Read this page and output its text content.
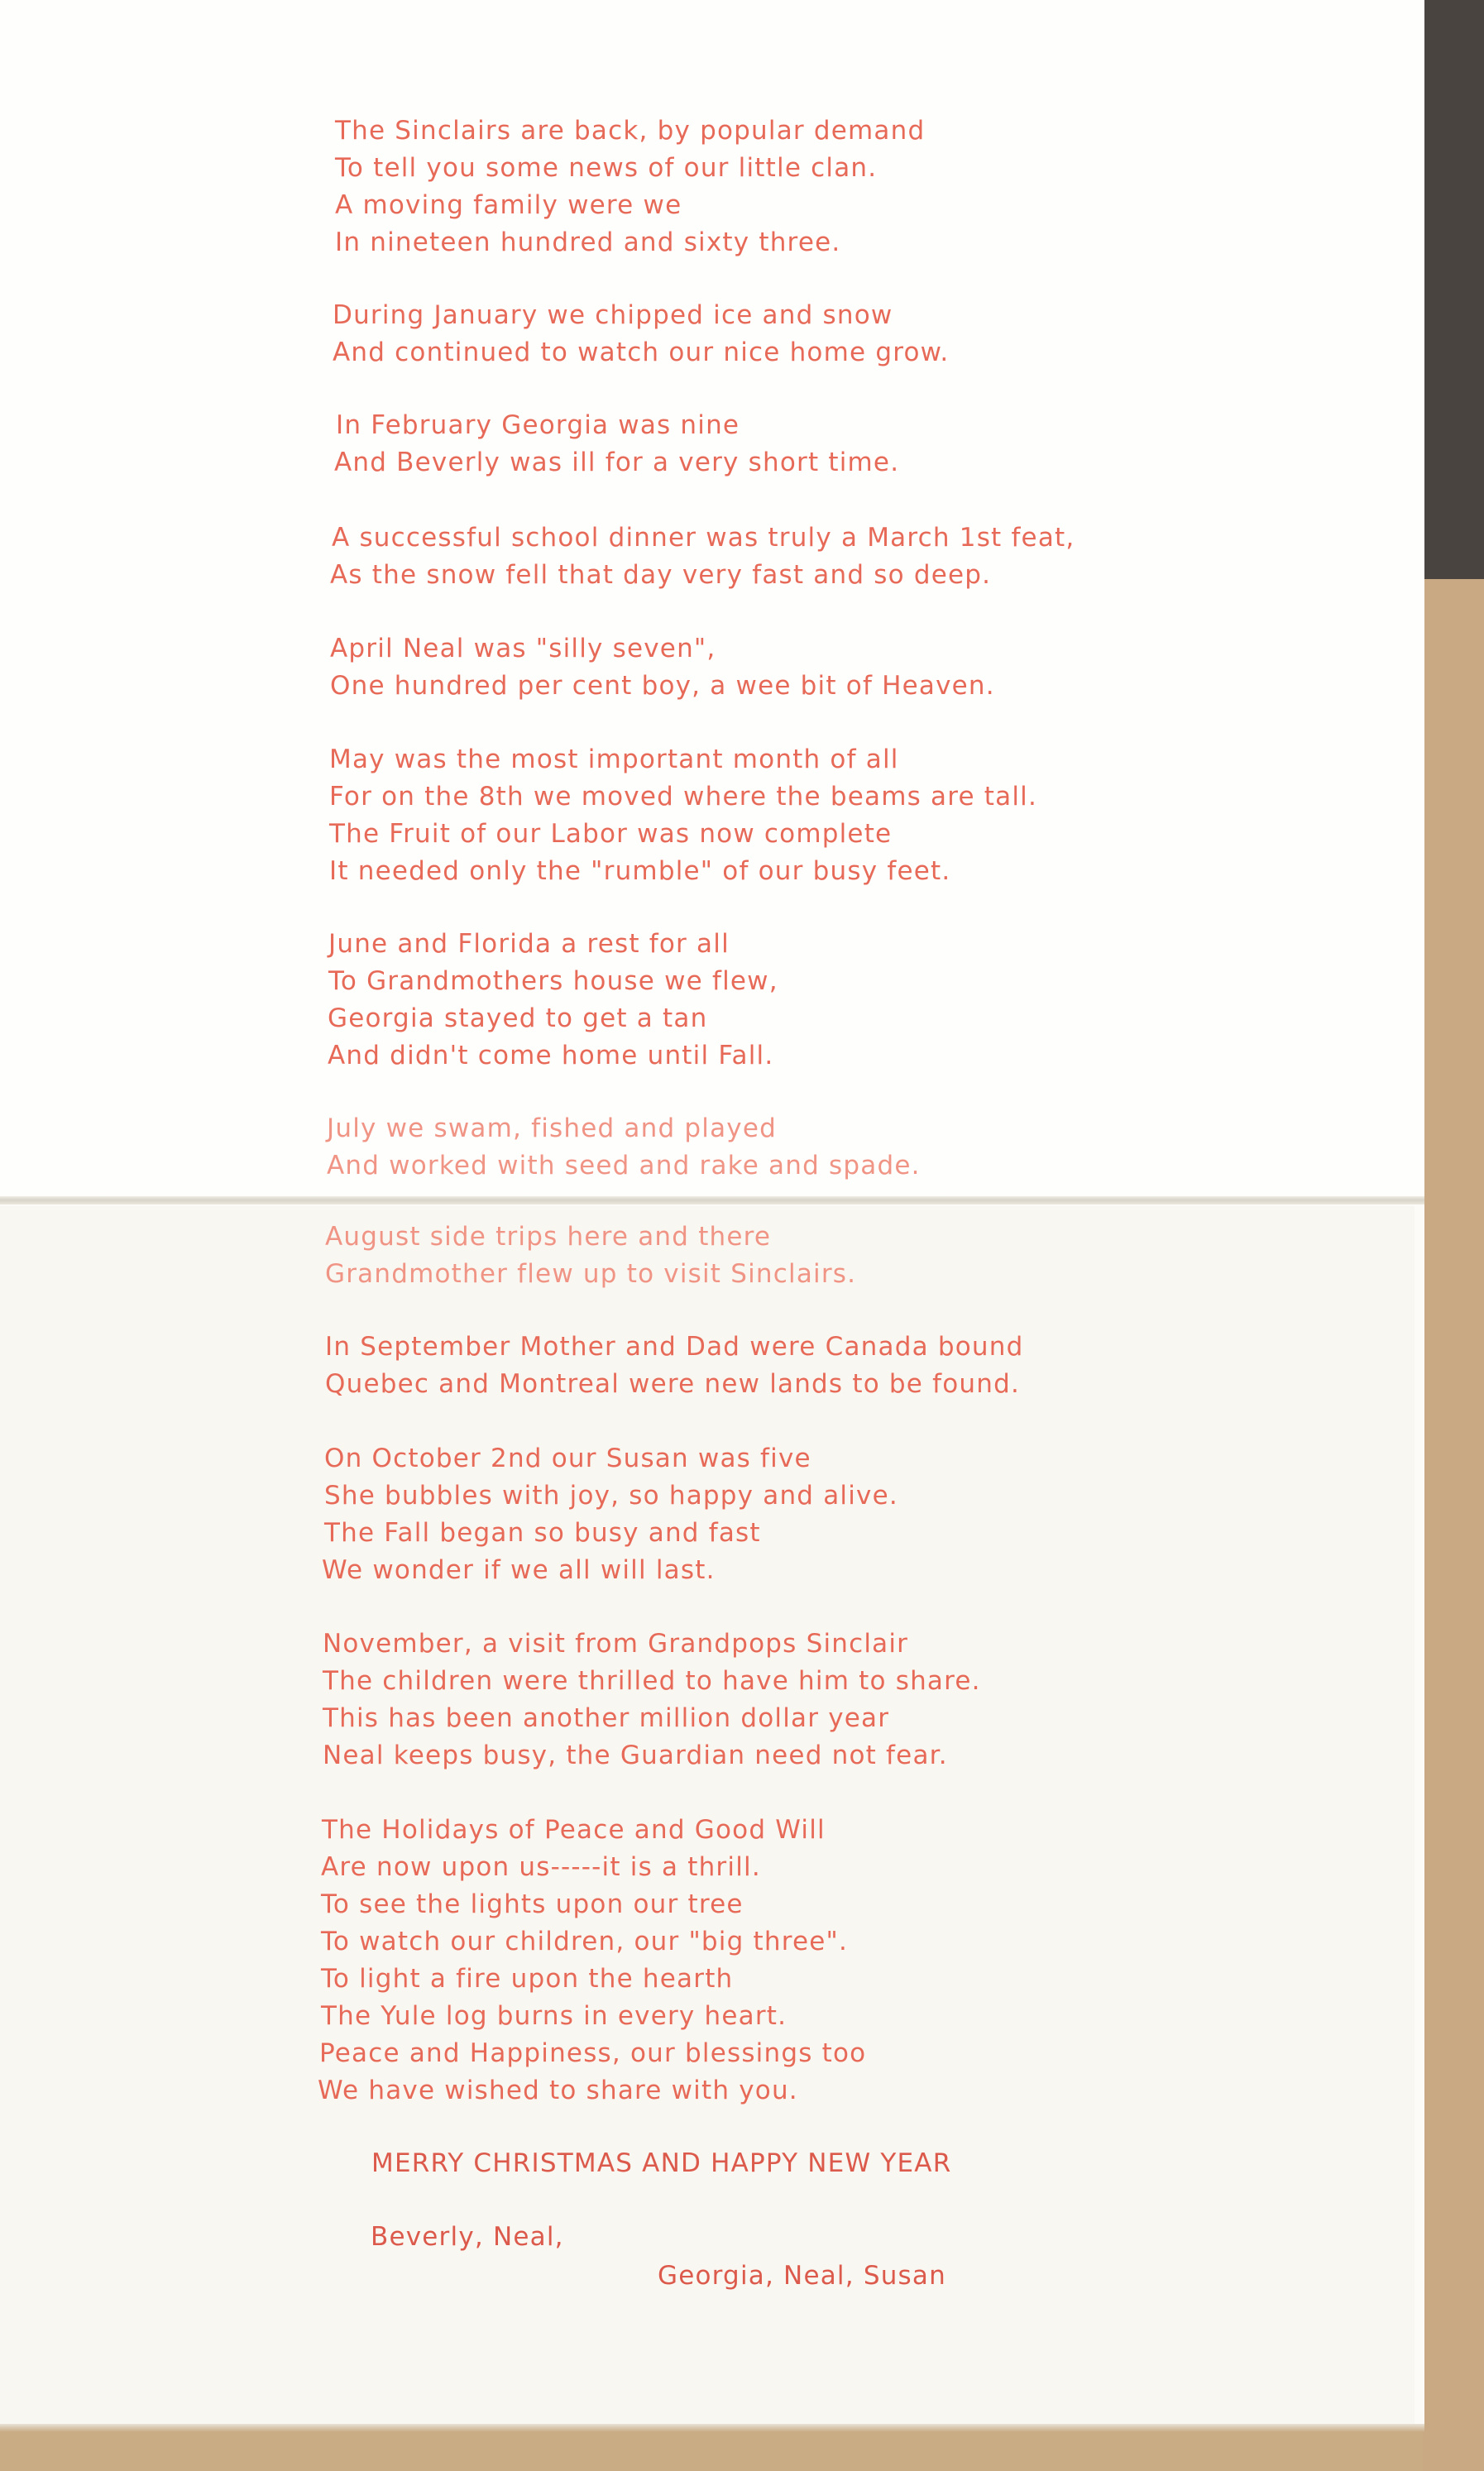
The Sinclairs are back, by popular demand
To tell you some news of our little clan.
A moving family were we
In nineteen hundred and sixty three.
During January we chipped ice and snow
And continued to watch our nice home grow.
In February Georgia was nine
And Beverly was ill for a very short time.
A successful school dinner was truly a March 1st feat,
As the snow fell that day very fast and so deep.
April Neal was "silly seven",
One hundred per cent boy, a wee bit of Heaven.
May was the most important month of all
For on the 8th we moved where the beams are tall.
The Fruit of our Labor was now complete
It needed only the "rumble" of our busy feet.
June and Florida a rest for all
To Grandmothers house we flew,
Georgia stayed to get a tan
And didn't come home until Fall.
July we swam, fished and played
And worked with seed and rake and spade.
August side trips here and there
Grandmother flew up to visit Sinclairs.
In September Mother and Dad were Canada bound
Quebec and Montreal were new lands to be found.
On October 2nd our Susan was five
She bubbles with joy, so happy and alive.
The Fall began so busy and fast
We wonder if we all will last.
November, a visit from Grandpops Sinclair
The children were thrilled to have him to share.
This has been another million dollar year
Neal keeps busy, the Guardian need not fear.
The Holidays of Peace and Good Will
Are now upon us-----it is a thrill.
To see the lights upon our tree
To watch our children, our "big three".
To light a fire upon the hearth
The Yule log burns in every heart.
Peace and Happiness, our blessings too
We have wished to share with you.
MERRY CHRISTMAS AND HAPPY NEW YEAR
Beverly, Neal,
Georgia, Neal, Susan
